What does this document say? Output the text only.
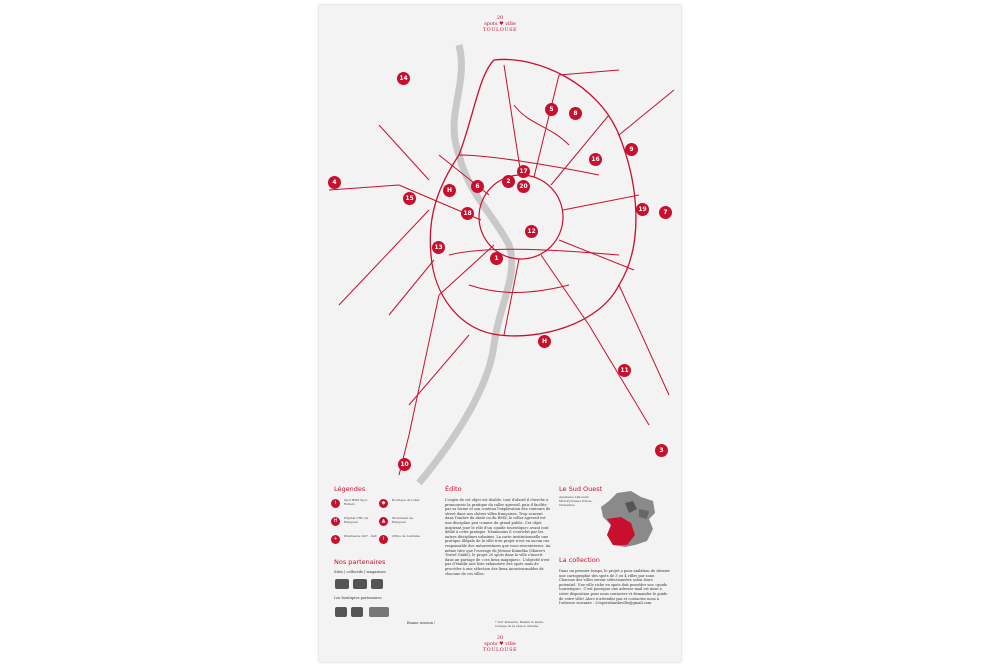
20
spots ♥ ville
TOULOUSE
14
5
8
9
16
4
17
2
6
H
15
20
19	7
18
12
13
1
H
11
3
10
Légendes
i	Spot BMX Spot Rollers
H	Hôpital CHU de Rangueil
+	Pharmacie 24/7 - SAV
◆	Boutique de roller
▲	Monument de Rangueil
i	Office de tourisme
Nos partenaires
Sites | collectifs | magazines
Les boutiques partenaires
Bonne session !
Édito
L'enjeu de cet objet est double, tout d'abord il cherche à promouvoir la pratique du roller agressif, puis il facilite par sa forme et son contenu l'exploration des contours de street dans nos chères villes françaises. Trop souvent dans l'ombre du skate ou du BMX, le roller agressif est une discipline peu connue du grand public. Cet objet inspirant joue le rôle d'un «guide touristique» avant tout dédié à cette pratique. Néanmoins il s'enrichit par les autres disciplines urbaines. La carte institutionnelle une pratique illégale de la ville n'en projet n'est en aucun cas responsable des mésaventures que vous rencontrerez. Au même titre que l'ouvrage de Jérome Kumelka (Skater's Travel Guide), le projet 20 spots dans la ville s'inscrit dans un partage de «ces lieux magiques». L'objectif n'est pas d'établir une liste exhaustive des spots mais de procéder à une sélection des lieux incontournables de chacune de ces villes.
* Voir Pollaerts, Ballets & skate-roulage de la région urbaine
Le Sud Ouest
Aquitaine Limousin Midi-Pyrénées Poitou-Charentes
La collection
Dans un premier temps, le projet a pour ambition de dresser une cartographie des spots de 3 ou 4 villes par zone. Chacune des villes seront sélectionnées selon leurs potentiel. Une ville riche en spots doit posséder son «guide touristique». C'est pourquoi une adresse mail est mise à votre disposition pour nous contacter et demander le guide de votre ville! Alors n'attendez pas et contactez nous à l'adresse suivante : 20spotsdanslaville@gmail.com
20
spots ♥ ville
TOULOUSE
